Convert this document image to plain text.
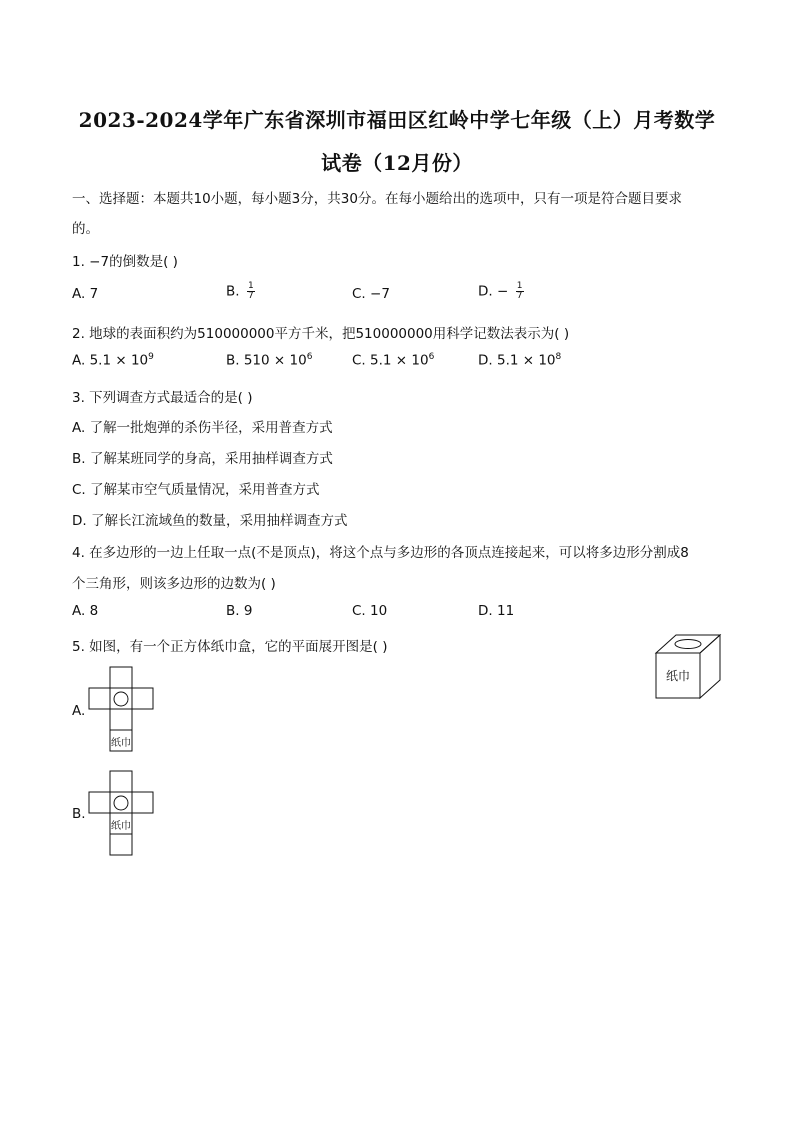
2023-2024学年广东省深圳市福田区红岭中学七年级（上）月考数学
试卷（12月份）
一、选择题：本题共10小题，每小题3分，共30分。在每小题给出的选项中，只有一项是符合题目要求
的。
1. −7的倒数是( )
A. 7	B. $\frac{1}{7}$	C. −7	D. − $\frac{1}{7}$
2. 地球的表面积约为510000000平方千米，把510000000用科学记数法表示为( )
A. $5.1 \times 10^9$	B. $510 \times 10^6$	C. $5.1 \times 10^6$	D. $5.1 \times 10^8$
3. 下列调查方式最适合的是( )
A. 了解一批炮弹的杀伤半径，采用普查方式
B. 了解某班同学的身高，采用抽样调查方式
C. 了解某市空气质量情况，采用普查方式
D. 了解长江流域鱼的数量，采用抽样调查方式
4. 在多边形的一边上任取一点(不是顶点)，将这个点与多边形的各顶点连接起来，可以将多边形分割成8
个三角形，则该多边形的边数为( )
A. 8	B. 9	C. 10	D. 11
5. 如图，有一个正方体纸巾盒，它的平面展开图是( )
纸巾
A.
纸巾
B.
纸巾
